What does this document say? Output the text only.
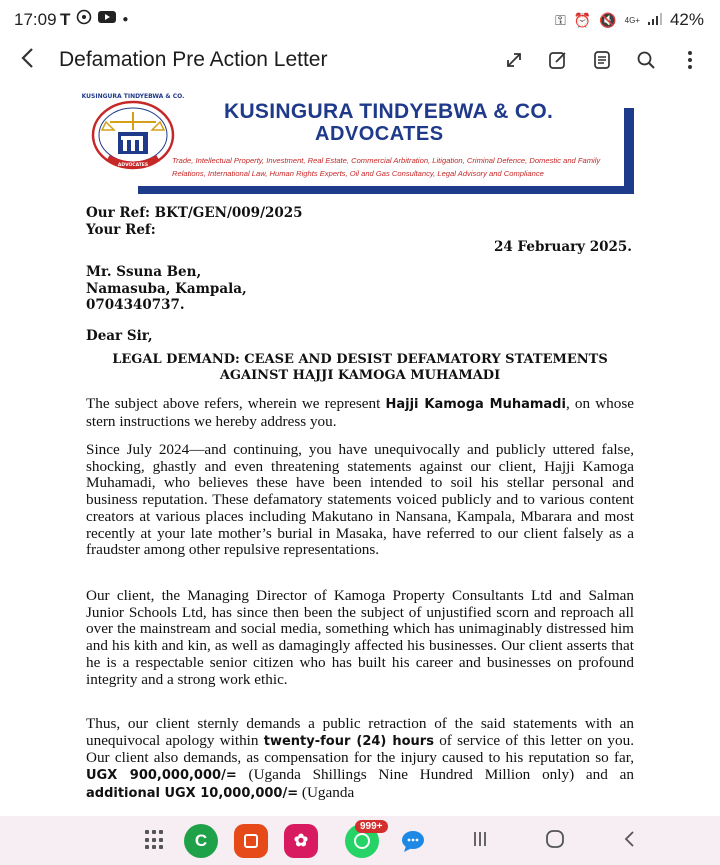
17:09 T	●	⚿ ⏰ 🔇 4G+ 42%
Defamation Pre Action Letter
KUSINGURA TINDYEBWA & CO.
ADVOCATES
KUSINGURA TINDYEBWA & CO.
ADVOCATES
Trade, Intellectual Property, Investment, Real Estate, Commercial Arbitration, Litigation, Criminal Defence, Domestic and Family Relations, International Law, Human Rights Experts, Oil and Gas Consultancy, Legal Advisory and Compliance
Our Ref: BKT/GEN/009/2025
Your Ref:
24 February 2025.
Mr. Ssuna Ben,
Namasuba, Kampala,
0704340737.
Dear Sir,
LEGAL DEMAND: CEASE AND DESIST DEFAMATORY STATEMENTS
AGAINST HAJJI KAMOGA MUHAMADI
The subject above refers, wherein we represent Hajji Kamoga Muhamadi, on whose stern instructions we hereby address you.
Since July 2024—and continuing, you have unequivocally and publicly uttered false, shocking, ghastly and even threatening statements against our client, Hajji Kamoga Muhamadi, who believes these have been intended to soil his stellar personal and business reputation. These defamatory statements voiced publicly and to various content creators at various places including Makutano in Nansana, Kampala, Mbarara and most recently at your late mother’s burial in Masaka, have referred to our client falsely as a fraudster among other repulsive representations.
Our client, the Managing Director of Kamoga Property Consultants Ltd and Salman Junior Schools Ltd, has since then been the subject of unjustified scorn and reproach all over the mainstream and social media, something which has unimaginably distressed him and his kith and kin, as well as damagingly affected his businesses. Our client asserts that he is a respectable senior citizen who has built his career and businesses on profound integrity and a strong work ethic.
Thus, our client sternly demands a public retraction of the said statements with an unequivocal apology within twenty-four (24) hours of service of this letter on you. Our client also demands, as compensation for the injury caused to his reputation so far, UGX 900,000,000/= (Uganda Shillings Nine Hundred Million only) and an additional UGX 10,000,000/= (Uganda
C	✿
999+
